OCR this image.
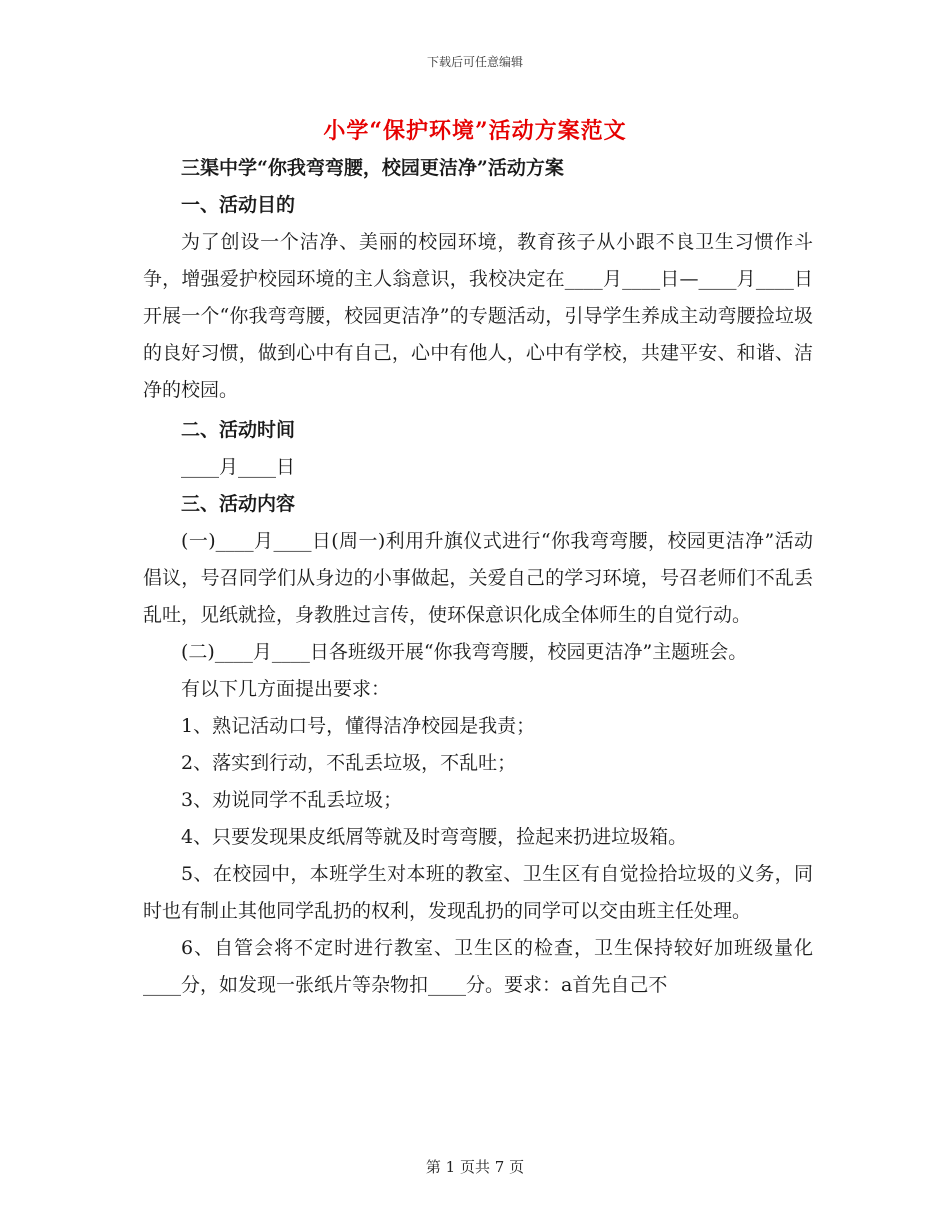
下载后可任意编辑
小学“保护环境”活动方案范文

三渠中学“你我弯弯腰，校园更洁净”活动方案

一、活动目的

为了创设一个洁净、美丽的校园环境，教育孩子从小跟不良卫生习惯作斗争，增强爱护校园环境的主人翁意识，我校决定在____月____日—____月____日开展一个“你我弯弯腰，校园更洁净”的专题活动，引导学生养成主动弯腰捡垃圾的良好习惯，做到心中有自己，心中有他人，心中有学校，共建平安、和谐、洁净的校园。

二、活动时间

____月____日

三、活动内容

(一)____月____日(周一)利用升旗仪式进行“你我弯弯腰，校园更洁净”活动倡议，号召同学们从身边的小事做起，关爱自己的学习环境，号召老师们不乱丢乱吐，见纸就捡，身教胜过言传，使环保意识化成全体师生的自觉行动。

(二)____月____日各班级开展“你我弯弯腰，校园更洁净”主题班会。

有以下几方面提出要求：

1、熟记活动口号，懂得洁净校园是我责；

2、落实到行动，不乱丢垃圾，不乱吐；

3、劝说同学不乱丢垃圾；

4、只要发现果皮纸屑等就及时弯弯腰，捡起来扔进垃圾箱。

5、在校园中，本班学生对本班的教室、卫生区有自觉捡拾垃圾的义务，同时也有制止其他同学乱扔的权利，发现乱扔的同学可以交由班主任处理。

6、自管会将不定时进行教室、卫生区的检查，卫生保持较好加班级量化____分，如发现一张纸片等杂物扣____分。要求：a首先自己不

第 1 页共 7 页
